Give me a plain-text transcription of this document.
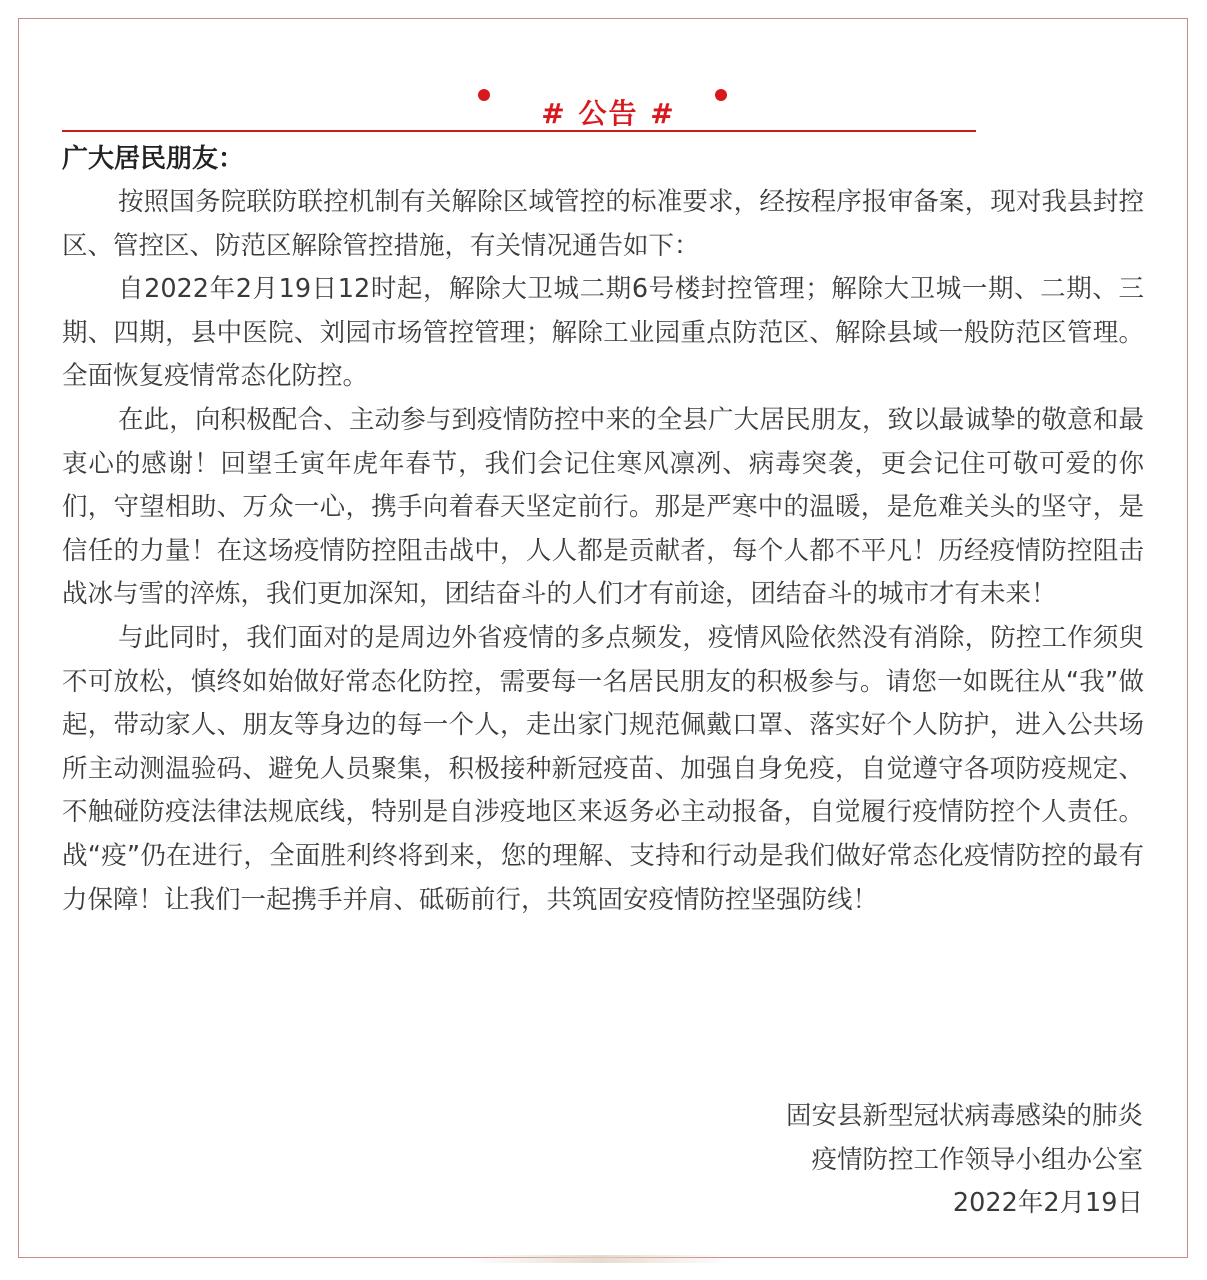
# 公告 #
广大居民朋友：

按照国务院联防联控机制有关解除区域管控的标准要求，经按程序报审备案，现对我县封控区、管控区、防范区解除管控措施，有关情况通告如下：

自2022年2月19日12时起，解除大卫城二期6号楼封控管理；解除大卫城一期、二期、三期、四期，县中医院、刘园市场管控管理；解除工业园重点防范区、解除县域一般防范区管理。全面恢复疫情常态化防控。

在此，向积极配合、主动参与到疫情防控中来的全县广大居民朋友，致以最诚挚的敬意和最衷心的感谢！回望壬寅年虎年春节，我们会记住寒风凛冽、病毒突袭，更会记住可敬可爱的你们，守望相助、万众一心，携手向着春天坚定前行。那是严寒中的温暖，是危难关头的坚守，是信任的力量！在这场疫情防控阻击战中，人人都是贡献者，每个人都不平凡！历经疫情防控阻击战冰与雪的淬炼，我们更加深知，团结奋斗的人们才有前途，团结奋斗的城市才有未来！

与此同时，我们面对的是周边外省疫情的多点频发，疫情风险依然没有消除，防控工作须臾不可放松，慎终如始做好常态化防控，需要每一名居民朋友的积极参与。请您一如既往从“我”做起，带动家人、朋友等身边的每一个人，走出家门规范佩戴口罩、落实好个人防护，进入公共场所主动测温验码、避免人员聚集，积极接种新冠疫苗、加强自身免疫，自觉遵守各项防疫规定、不触碰防疫法律法规底线，特别是自涉疫地区来返务必主动报备，自觉履行疫情防控个人责任。战“疫”仍在进行，全面胜利终将到来，您的理解、支持和行动是我们做好常态化疫情防控的最有力保障！让我们一起携手并肩、砥砺前行，共筑固安疫情防控坚强防线！

固安县新型冠状病毒感染的肺炎
疫情防控工作领导小组办公室
2022年2月19日
